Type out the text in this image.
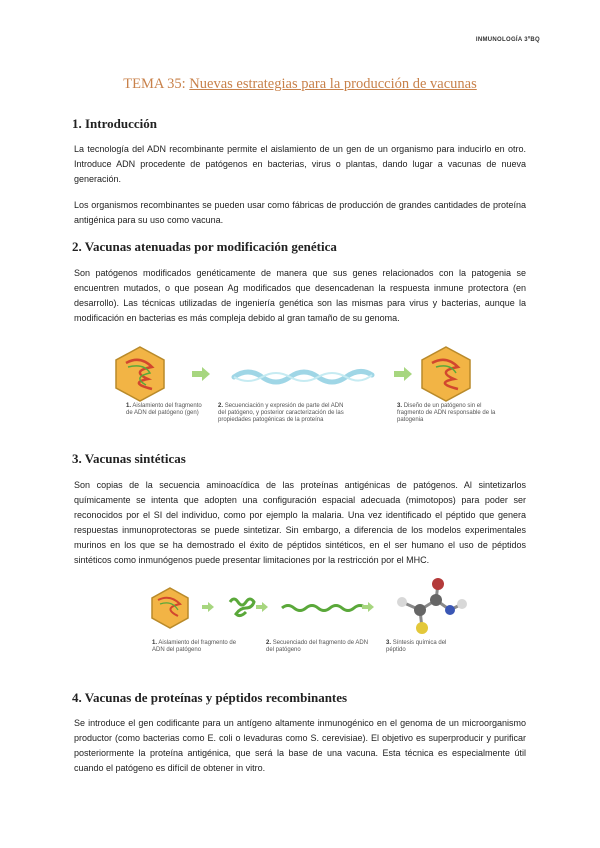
INMUNOLOGÍA 3ºBQ
TEMA 35: Nuevas estrategias para la producción de vacunas
1. Introducción

La tecnología del ADN recombinante permite el aislamiento de un gen de un organismo para inducirlo en otro. Introduce ADN procedente de patógenos en bacterias, virus o plantas, dando lugar a vacunas de nueva generación.

Los organismos recombinantes se pueden usar como fábricas de producción de grandes cantidades de proteína antigénica para su uso como vacuna.

2. Vacunas atenuadas por modificación genética

Son patógenos modificados genéticamente de manera que sus genes relacionados con la patogenia se encuentren mutados, o que posean Ag modificados que desencadenan la respuesta inmune protectora (en desarrollo). Las técnicas utilizadas de ingeniería genética son las mismas para virus y bacterias, aunque la modificación en bacterias es más compleja debido al gran tamaño de su genoma.

1. Aislamiento del fragmento de ADN del patógeno (gen)
2. Secuenciación y expresión de parte del ADN del patógeno, y posterior caracterización de las propiedades patogénicas de la proteína
3. Diseño de un patógeno sin el fragmento de ADN responsable de la patogenia
3. Vacunas sintéticas

Son copias de la secuencia aminoacídica de las proteínas antigénicas de patógenos. Al sintetizarlos químicamente se intenta que adopten una configuración espacial adecuada (mimotopos) para poder ser reconocidos por el SI del individuo, como por ejemplo la malaria. Una vez identificado el péptido que genera respuestas inmunoprotectoras se puede sintetizar. Sin embargo, a diferencia de los modelos experimentales murinos en los que se ha demostrado el éxito de péptidos sintéticos, en el ser humano el uso de péptidos sintéticos como inmunógenos puede presentar limitaciones por la restricción por el MHC.

1. Aislamiento del fragmento de ADN del patógeno
2. Secuenciado del fragmento de ADN del patógeno
3. Síntesis química del péptido
4. Vacunas de proteínas y péptidos recombinantes

Se introduce el gen codificante para un antígeno altamente inmunogénico en el genoma de un microorganismo productor (como bacterias como E. coli o levaduras como S. cerevisiae). El objetivo es superproducir y purificar posteriormente la proteína antigénica, que será la base de una vacuna. Esta técnica es especialmente útil cuando el patógeno es difícil de obtener in vitro.
